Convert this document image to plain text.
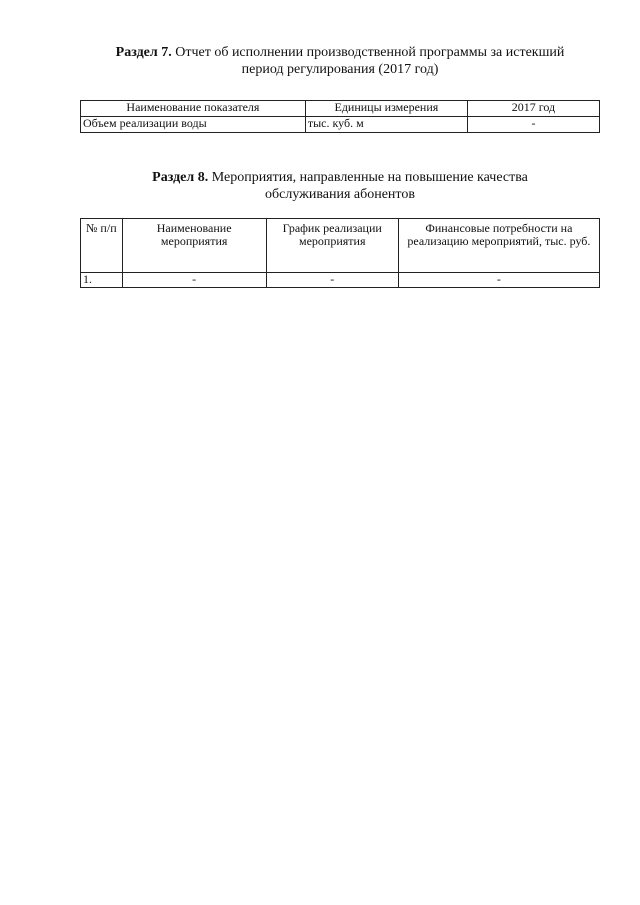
Раздел 7. Отчет об исполнении производственной программы за истекший
период регулирования (2017 год)
Наименование показателя	Единицы измерения	2017 год
Объем реализации воды	тыс. куб. м	-
Раздел 8. Мероприятия, направленные на повышение качества
обслуживания абонентов
№ п/п	Наименование мероприятия	График реализации мероприятия	Финансовые потребности на реализацию мероприятий, тыс. руб.
1.	-	-	-
